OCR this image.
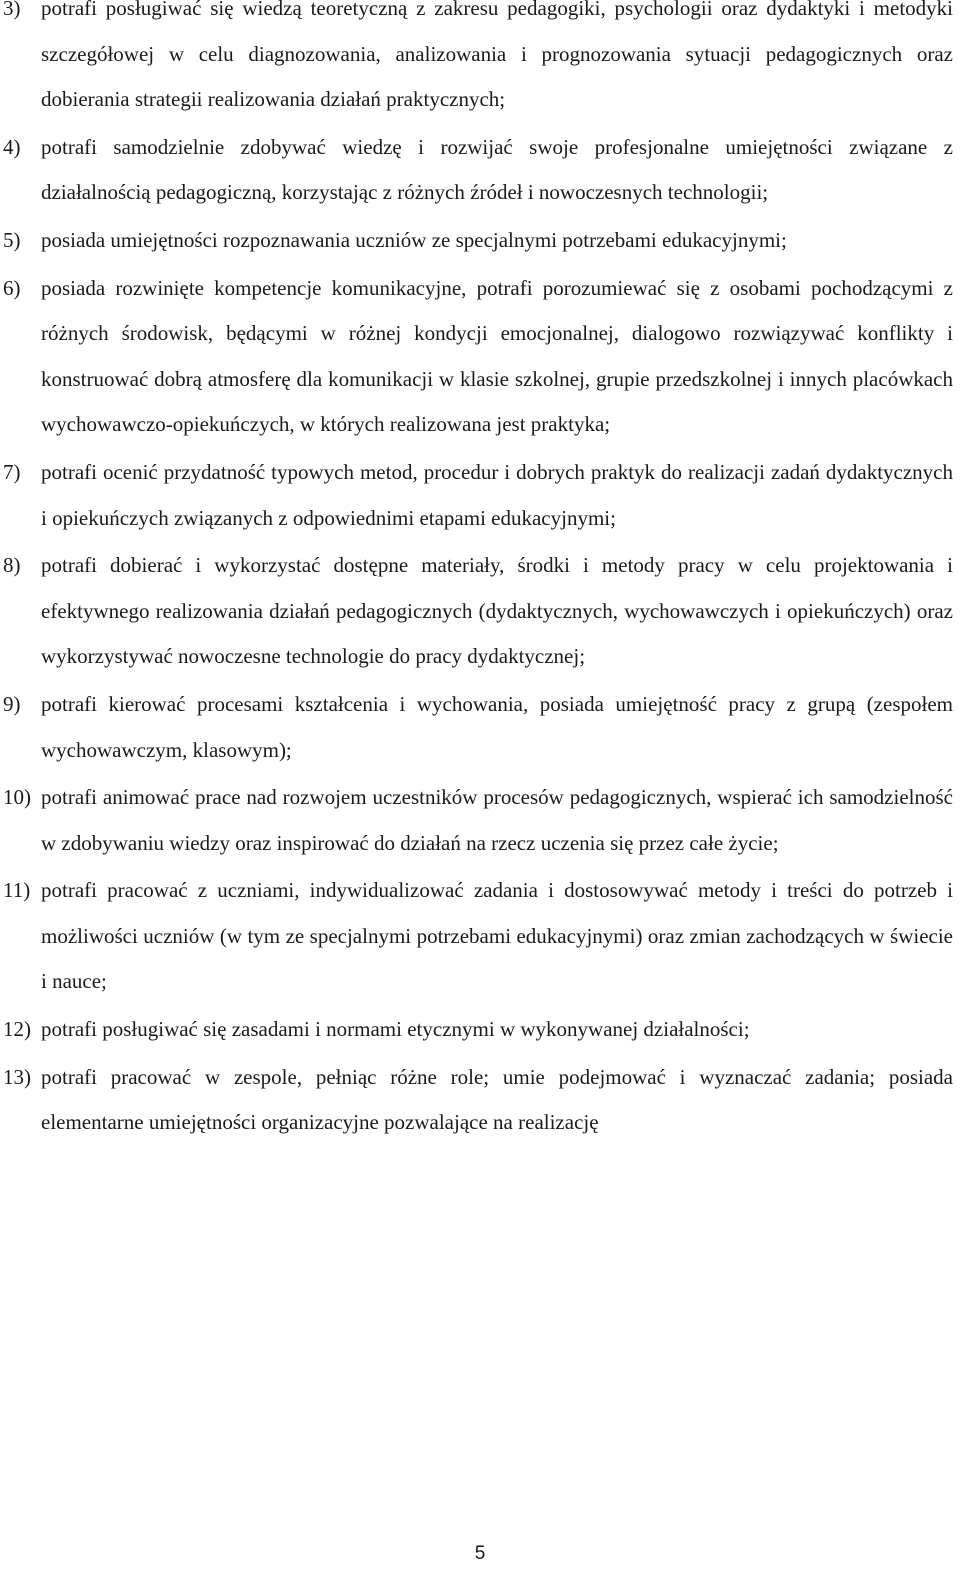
3) potrafi posługiwać się wiedzą teoretyczną z zakresu pedagogiki, psychologii oraz dydaktyki i metodyki szczegółowej w celu diagnozowania, analizowania i prognozowania sytuacji pedagogicznych oraz dobierania strategii realizowania działań praktycznych;
4) potrafi samodzielnie zdobywać wiedzę i rozwijać swoje profesjonalne umiejętności związane z działalnością pedagogiczną, korzystając z różnych źródeł i nowoczesnych technologii;
5) posiada umiejętności rozpoznawania uczniów ze specjalnymi potrzebami edukacyjnymi;
6) posiada rozwinięte kompetencje komunikacyjne, potrafi porozumiewać się z osobami pochodzącymi z różnych środowisk, będącymi w różnej kondycji emocjonalnej, dialogowo rozwiązywać konflikty i konstruować dobrą atmosferę dla komunikacji w klasie szkolnej, grupie przedszkolnej i innych placówkach wychowawczo-opiekuńczych, w których realizowana jest praktyka;
7) potrafi ocenić przydatność typowych metod, procedur i dobrych praktyk do realizacji zadań dydaktycznych i opiekuńczych związanych z odpowiednimi etapami edukacyjnymi;
8) potrafi dobierać i wykorzystać dostępne materiały, środki i metody pracy w celu projektowania i efektywnego realizowania działań pedagogicznych (dydaktycznych, wychowawczych i opiekuńczych) oraz wykorzystywać nowoczesne technologie do pracy dydaktycznej;
9) potrafi kierować procesami kształcenia i wychowania, posiada umiejętność pracy z grupą (zespołem wychowawczym, klasowym);
10) potrafi animować prace nad rozwojem uczestników procesów pedagogicznych, wspierać ich samodzielność w zdobywaniu wiedzy oraz inspirować do działań na rzecz uczenia się przez całe życie;
11) potrafi pracować z uczniami, indywidualizować zadania i dostosowywać metody i treści do potrzeb i możliwości uczniów (w tym ze specjalnymi potrzebami edukacyjnymi) oraz zmian zachodzących w świecie i nauce;
12) potrafi posługiwać się zasadami i normami etycznymi w wykonywanej działalności;
13) potrafi pracować w zespole, pełniąc różne role; umie podejmować i wyznaczać zadania; posiada elementarne umiejętności organizacyjne pozwalające na realizację
5
